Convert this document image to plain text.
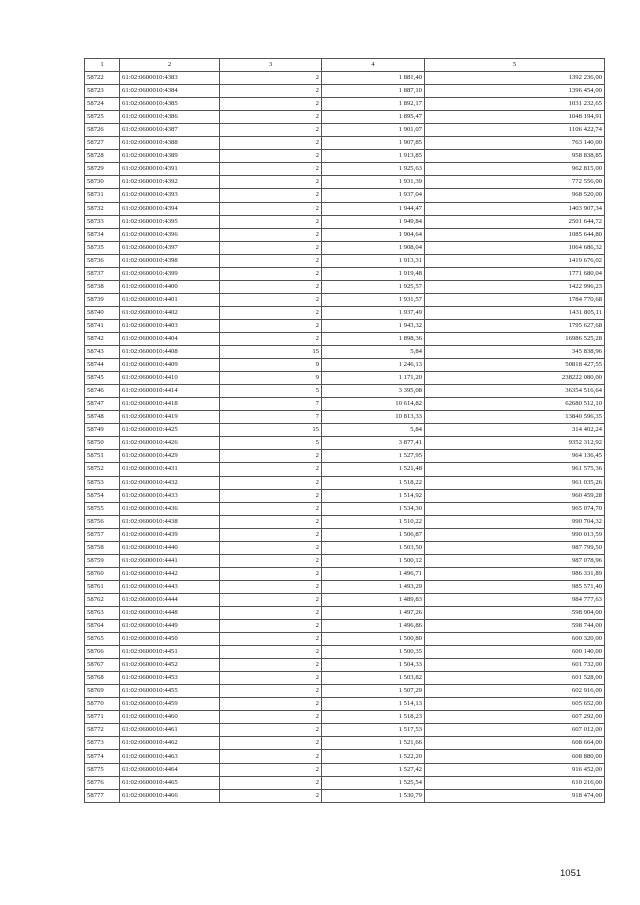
1	2	3	4	5
58722	61:02:0600010:4383	2	1 881,40	1392 236,00
58723	61:02:0600010:4384	2	1 887,10	1396 454,00
58724	61:02:0600010:4385	2	1 892,17	1031 232,65
58725	61:02:0600010:4386	2	1 895,47	1048 194,91
58726	61:02:0600010:4387	2	1 901,07	1106 422,74
58727	61:02:0600010:4388	2	1 907,85	763 140,00
58728	61:02:0600010:4389	2	1 913,85	958 838,85
58729	61:02:0600010:4391	2	1 925,63	962 815,00
58730	61:02:0600010:4392	2	1 931,39	772 556,00
58731	61:02:0600010:4393	2	1 937,04	968 520,00
58732	61:02:0600010:4394	2	1 944,47	1403 907,34
58733	61:02:0600010:4395	2	1 949,84	2501 644,72
58734	61:02:0600010:4396	2	1 904,64	1085 644,80
58735	61:02:0600010:4397	2	1 908,04	1064 686,32
58736	61:02:0600010:4398	2	1 913,31	1419 676,02
58737	61:02:0600010:4399	2	1 919,48	1771 680,04
58738	61:02:0600010:4400	2	1 925,57	1422 996,23
58739	61:02:0600010:4401	2	1 931,57	1784 770,68
58740	61:02:0600010:4402	2	1 937,49	1431 805,11
58741	61:02:0600010:4403	2	1 943,32	1795 627,68
58742	61:02:0600010:4404	2	1 898,36	16986 525,28
58743	61:02:0600010:4408	15	5,84	345 838,96
58744	61:02:0600010:4409	9	1 246,13	50818 427,55
58745	61:02:0600010:4410	9	1 171,20	238222 080,00
58746	61:02:0600010:4414	5	3 395,08	36354 516,64
58747	61:02:0600010:4418	7	10 614,82	62680 512,10
58748	61:02:0600010:4419	7	10 813,33	13840 596,35
58749	61:02:0600010:4425	15	5,84	314 402,24
58750	61:02:0600010:4426	5	3 877,41	9352 312,92
58751	61:02:0600010:4429	2	1 527,95	964 136,45
58752	61:02:0600010:4431	2	1 521,48	961 575,36
58753	61:02:0600010:4432	2	1 518,22	961 035,26
58754	61:02:0600010:4433	2	1 514,92	960 459,28
58755	61:02:0600010:4436	2	1 534,30	965 074,70
58756	61:02:0600010:4438	2	1 510,22	990 704,32
58757	61:02:0600010:4439	2	1 506,87	990 013,59
58758	61:02:0600010:4440	2	1 503,50	987 799,50
58759	61:02:0600010:4441	2	1 500,12	987 078,96
58760	61:02:0600010:4442	2	1 496,71	986 331,89
58761	61:02:0600010:4443	2	1 493,29	985 571,40
58762	61:02:0600010:4444	2	1 489,83	984 777,63
58763	61:02:0600010:4448	2	1 497,26	598 904,00
58764	61:02:0600010:4449	2	1 496,86	598 744,00
58765	61:02:0600010:4450	2	1 500,80	600 320,00
58766	61:02:0600010:4451	2	1 500,35	600 140,00
58767	61:02:0600010:4452	2	1 504,33	601 732,00
58768	61:02:0600010:4453	2	1 503,82	601 528,00
58769	61:02:0600010:4455	2	1 507,29	602 916,00
58770	61:02:0600010:4459	2	1 514,13	605 652,00
58771	61:02:0600010:4460	2	1 518,23	607 292,00
58772	61:02:0600010:4461	2	1 517,53	607 012,00
58773	61:02:0600010:4462	2	1 521,66	608 664,00
58774	61:02:0600010:4463	2	1 522,20	608 880,00
58775	61:02:0600010:4464	2	1 527,42	916 452,00
58776	61:02:0600010:4465	2	1 525,54	610 216,00
58777	61:02:0600010:4466	2	1 530,79	918 474,00
1051
